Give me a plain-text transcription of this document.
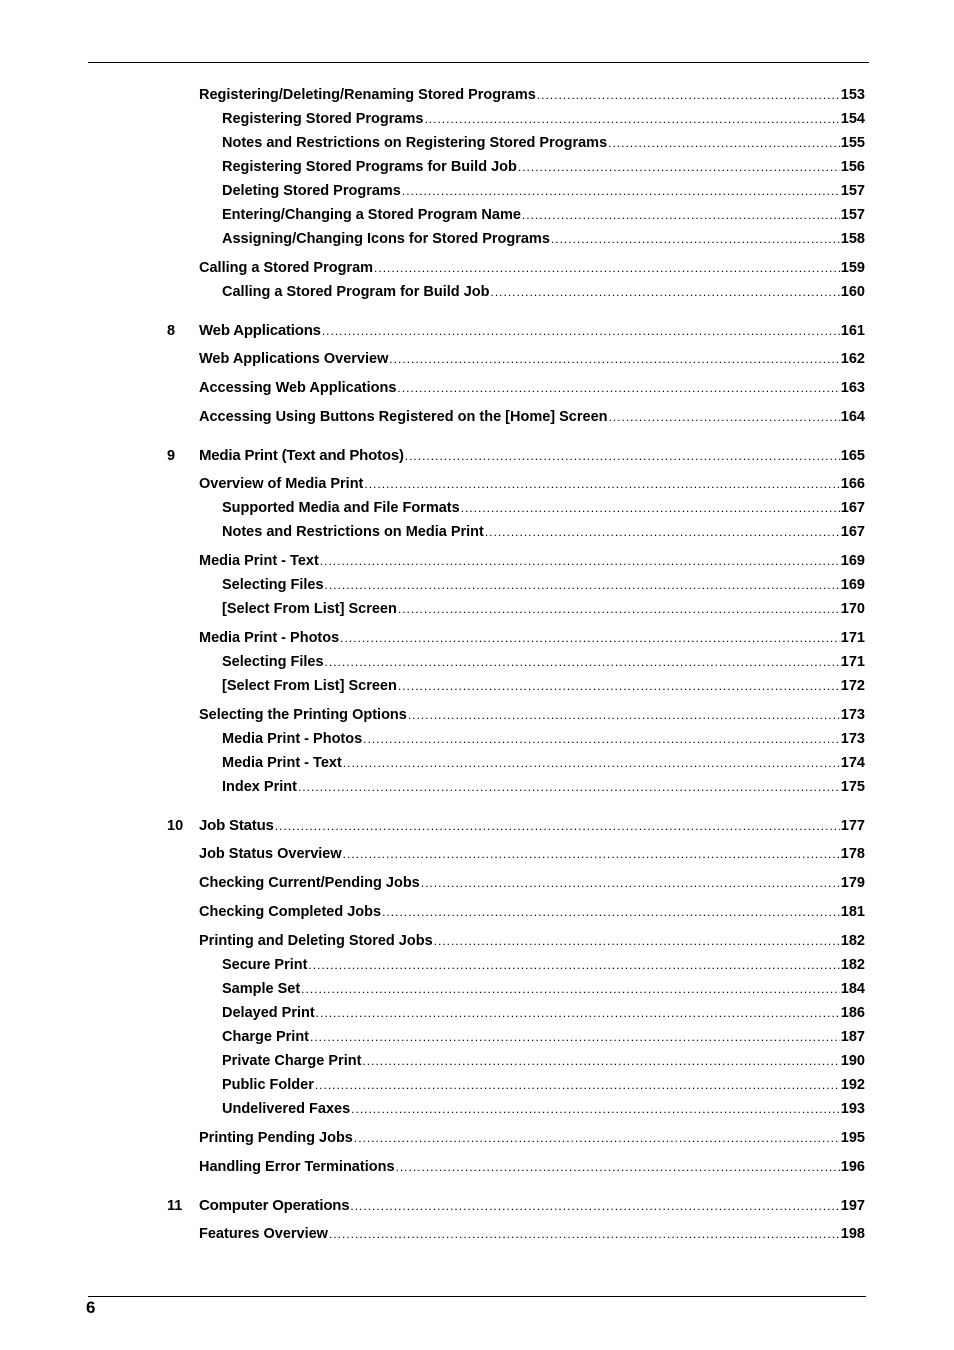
Registering/Deleting/Renaming Stored Programs .....	153
Registering Stored Programs .....	154
Notes and Restrictions on Registering Stored Programs .....	155
Registering Stored Programs for Build Job .....	156
Deleting Stored Programs .....	157
Entering/Changing a Stored Program Name .....	157
Assigning/Changing Icons for Stored Programs .....	158
Calling a Stored Program .....	159
Calling a Stored Program for Build Job .....	160
8 Web Applications .....	161
Web Applications Overview .....	162
Accessing Web Applications .....	163
Accessing Using Buttons Registered on the [Home] Screen .....	164
9 Media Print (Text and Photos) .....	165
Overview of Media Print .....	166
Supported Media and File Formats .....	167
Notes and Restrictions on Media Print .....	167
Media Print - Text .....	169
Selecting Files .....	169
[Select From List] Screen .....	170
Media Print - Photos .....	171
Selecting Files .....	171
[Select From List] Screen .....	172
Selecting the Printing Options .....	173
Media Print - Photos .....	173
Media Print - Text .....	174
Index Print .....	175
10 Job Status .....	177
Job Status Overview .....	178
Checking Current/Pending Jobs .....	179
Checking Completed Jobs .....	181
Printing and Deleting Stored Jobs .....	182
Secure Print .....	182
Sample Set .....	184
Delayed Print .....	186
Charge Print .....	187
Private Charge Print .....	190
Public Folder .....	192
Undelivered Faxes .....	193
Printing Pending Jobs .....	195
Handling Error Terminations .....	196
11 Computer Operations .....	197
Features Overview .....	198
6
